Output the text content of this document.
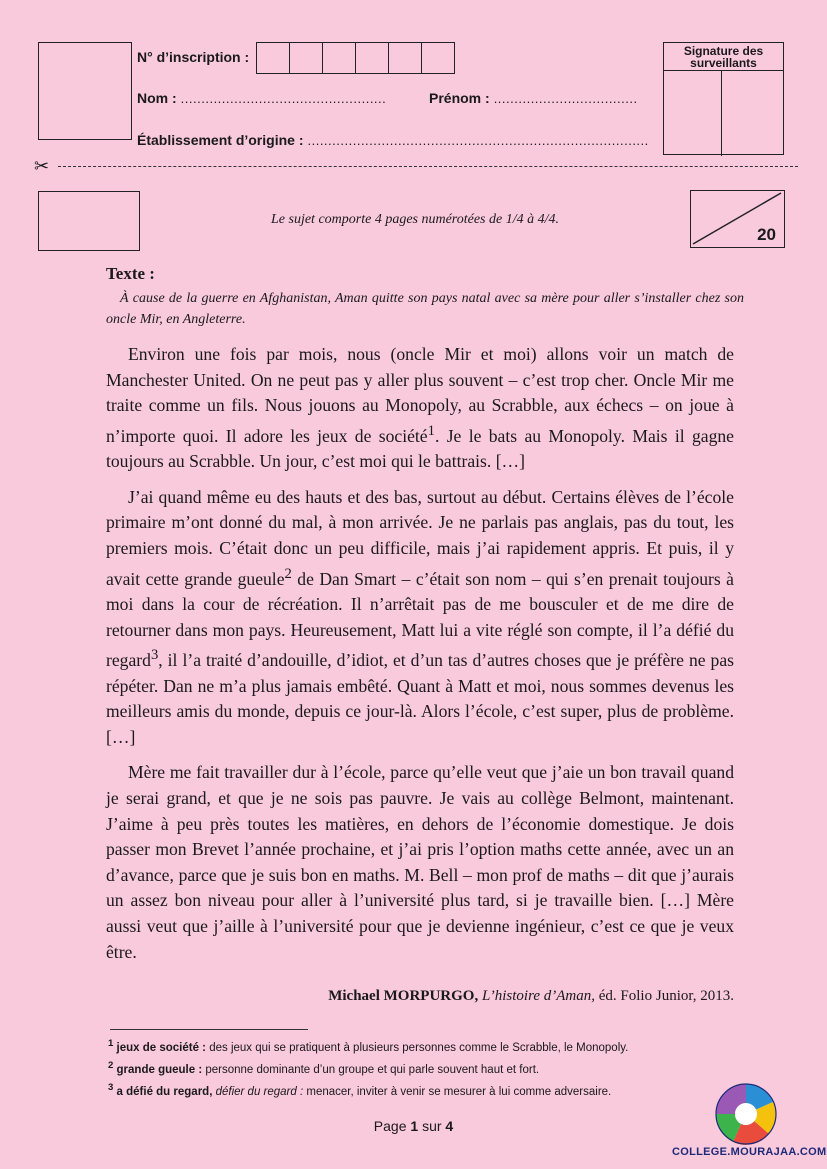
N° d’inscription :
Nom : ..................................................	Prénom : ...................................
Établissement d’origine : ...................................................................................
Signature des surveillants
✂
Le sujet comporte 4 pages numérotées de 1/4 à 4/4.
20
Texte :
À cause de la guerre en Afghanistan, Aman quitte son pays natal avec sa mère pour aller s’installer chez son oncle Mir, en Angleterre.

Environ une fois par mois, nous (oncle Mir et moi) allons voir un match de Manchester United. On ne peut pas y aller plus souvent – c’est trop cher. Oncle Mir me traite comme un fils. Nous jouons au Monopoly, au Scrabble, aux échecs – on joue à n’importe quoi. Il adore les jeux de société$^1$. Je le bats au Monopoly. Mais il gagne toujours au Scrabble. Un jour, c’est moi qui le battrais. […]

J’ai quand même eu des hauts et des bas, surtout au début. Certains élèves de l’école primaire m’ont donné du mal, à mon arrivée. Je ne parlais pas anglais, pas du tout, les premiers mois. C’était donc un peu difficile, mais j’ai rapidement appris. Et puis, il y avait cette grande gueule$^2$ de Dan Smart – c’était son nom – qui s’en prenait toujours à moi dans la cour de récréation. Il n’arrêtait pas de me bousculer et de me dire de retourner dans mon pays. Heureusement, Matt lui a vite réglé son compte, il l’a défié du regard$^3$, il l’a traité d’andouille, d’idiot, et d’un tas d’autres choses que je préfère ne pas répéter. Dan ne m’a plus jamais embêté. Quant à Matt et moi, nous sommes devenus les meilleurs amis du monde, depuis ce jour-là. Alors l’école, c’est super, plus de problème. […]

Mère me fait travailler dur à l’école, parce qu’elle veut que j’aie un bon travail quand je serai grand, et que je ne sois pas pauvre. Je vais au collège Belmont, maintenant. J’aime à peu près toutes les matières, en dehors de l’économie domestique. Je dois passer mon Brevet l’année prochaine, et j’ai pris l’option maths cette année, avec un an d’avance, parce que je suis bon en maths. M. Bell – mon prof de maths – dit que j’aurais un assez bon niveau pour aller à l’université plus tard, si je travaille bien. […] Mère aussi veut que j’aille à l’université pour que je devienne ingénieur, c’est ce que je veux être.

Michael MORPURGO, L’histoire d’Aman, éd. Folio Junior, 2013.
$^1$ jeux de société : des jeux qui se pratiquent à plusieurs personnes comme le Scrabble, le Monopoly.
$^2$ grande gueule : personne dominante d’un groupe et qui parle souvent haut et fort.
$^3$ a défié du regard, défier du regard : menacer, inviter à venir se mesurer à lui comme adversaire.
Page 1 sur 4
COLLEGE.MOURAJAA.COM
